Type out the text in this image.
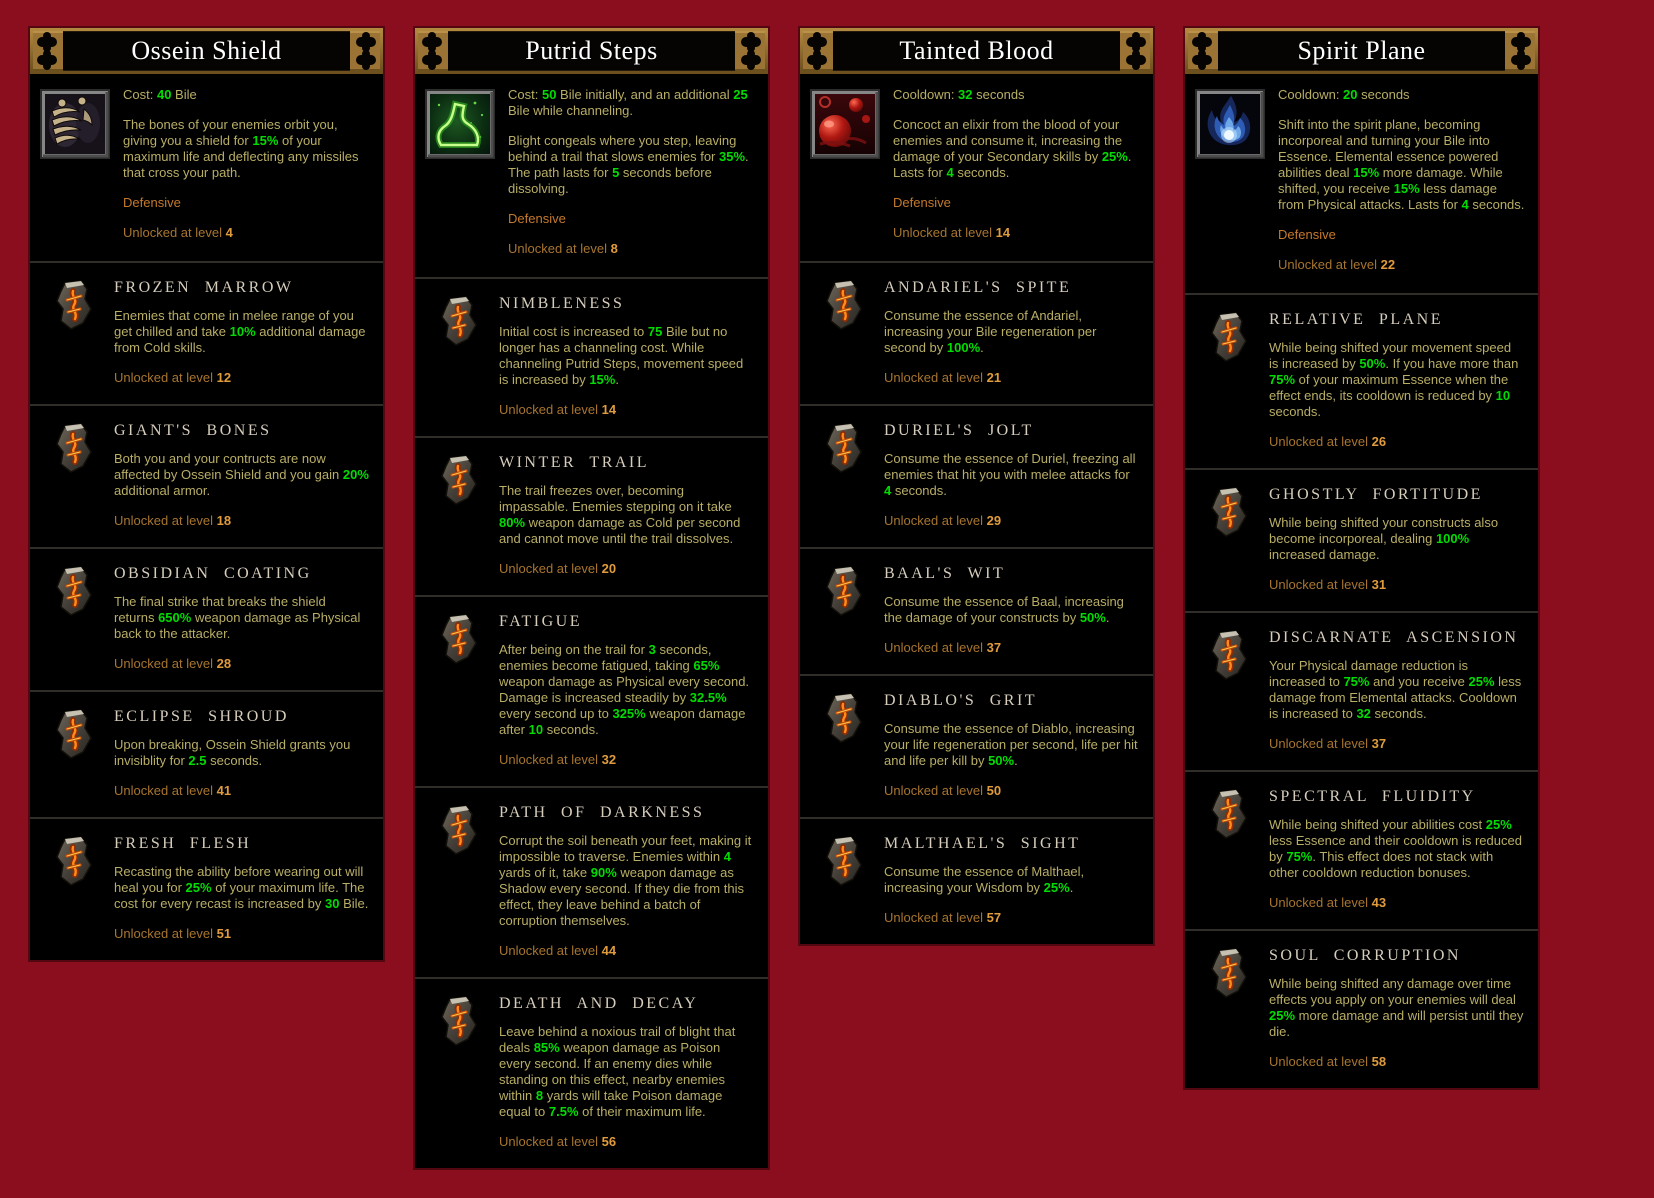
Ossein Shield

Cost: 40 Bile

The bones of your enemies orbit you, giving you a shield for 15% of your maximum life and deflecting any missiles that cross your path.

Defensive

Unlocked at level 4

FROZEN MARROW

Enemies that come in melee range of you get chilled and take 10% additional damage from Cold skills.

Unlocked at level 12

GIANT'S BONES

Both you and your contructs are now affected by Ossein Shield and you gain 20% additional armor.

Unlocked at level 18

OBSIDIAN COATING

The final strike that breaks the shield returns 650% weapon damage as Physical back to the attacker.

Unlocked at level 28

ECLIPSE SHROUD

Upon breaking, Ossein Shield grants you invisiblity for 2.5 seconds.

Unlocked at level 41

FRESH FLESH

Recasting the ability before wearing out will heal you for 25% of your maximum life. The cost for every recast is increased by 30 Bile.

Unlocked at level 51

Putrid Steps

Cost: 50 Bile initially, and an additional 25 Bile while channeling.

Blight congeals where you step, leaving behind a trail that slows enemies for 35%. The path lasts for 5 seconds before dissolving.

Defensive

Unlocked at level 8

NIMBLENESS

Initial cost is increased to 75 Bile but no longer has a channeling cost. While channeling Putrid Steps, movement speed is increased by 15%.

Unlocked at level 14

WINTER TRAIL

The trail freezes over, becoming impassable. Enemies stepping on it take 80% weapon damage as Cold per second and cannot move until the trail dissolves.

Unlocked at level 20

FATIGUE

After being on the trail for 3 seconds, enemies become fatigued, taking 65% weapon damage as Physical every second. Damage is increased steadily by 32.5% every second up to 325% weapon damage after 10 seconds.

Unlocked at level 32

PATH OF DARKNESS

Corrupt the soil beneath your feet, making it impossible to traverse. Enemies within 4 yards of it, take 90% weapon damage as Shadow every second. If they die from this effect, they leave behind a batch of corruption themselves.

Unlocked at level 44

DEATH AND DECAY

Leave behind a noxious trail of blight that deals 85% weapon damage as Poison every second. If an enemy dies while standing on this effect, nearby enemies within 8 yards will take Poison damage equal to 7.5% of their maximum life.

Unlocked at level 56

Tainted Blood

Cooldown: 32 seconds

Concoct an elixir from the blood of your enemies and consume it, increasing the damage of your Secondary skills by 25%. Lasts for 4 seconds.

Defensive

Unlocked at level 14

ANDARIEL'S SPITE

Consume the essence of Andariel, increasing your Bile regeneration per second by 100%.

Unlocked at level 21

DURIEL'S JOLT

Consume the essence of Duriel, freezing all enemies that hit you with melee attacks for 4 seconds.

Unlocked at level 29

BAAL'S WIT

Consume the essence of Baal, increasing the damage of your constructs by 50%.

Unlocked at level 37

DIABLO'S GRIT

Consume the essence of Diablo, increasing your life regeneration per second, life per hit and life per kill by 50%.

Unlocked at level 50

MALTHAEL'S SIGHT

Consume the essence of Malthael, increasing your Wisdom by 25%.

Unlocked at level 57

Spirit Plane

Cooldown: 20 seconds

Shift into the spirit plane, becoming incorporeal and turning your Bile into Essence. Elemental essence powered abilities deal 15% more damage. While shifted, you receive 15% less damage from Physical attacks. Lasts for 4 seconds.

Defensive

Unlocked at level 22

RELATIVE PLANE

While being shifted your movement speed is increased by 50%. If you have more than 75% of your maximum Essence when the effect ends, its cooldown is reduced by 10 seconds.

Unlocked at level 26

GHOSTLY FORTITUDE

While being shifted your constructs also become incorporeal, dealing 100% increased damage.

Unlocked at level 31

DISCARNATE ASCENSION

Your Physical damage reduction is increased to 75% and you receive 25% less damage from Elemental attacks. Cooldown is increased to 32 seconds.

Unlocked at level 37

SPECTRAL FLUIDITY

While being shifted your abilities cost 25% less Essence and their cooldown is reduced by 75%. This effect does not stack with other cooldown reduction bonuses.

Unlocked at level 43

SOUL CORRUPTION

While being shifted any damage over time effects you apply on your enemies will deal 25% more damage and will persist until they die.

Unlocked at level 58
